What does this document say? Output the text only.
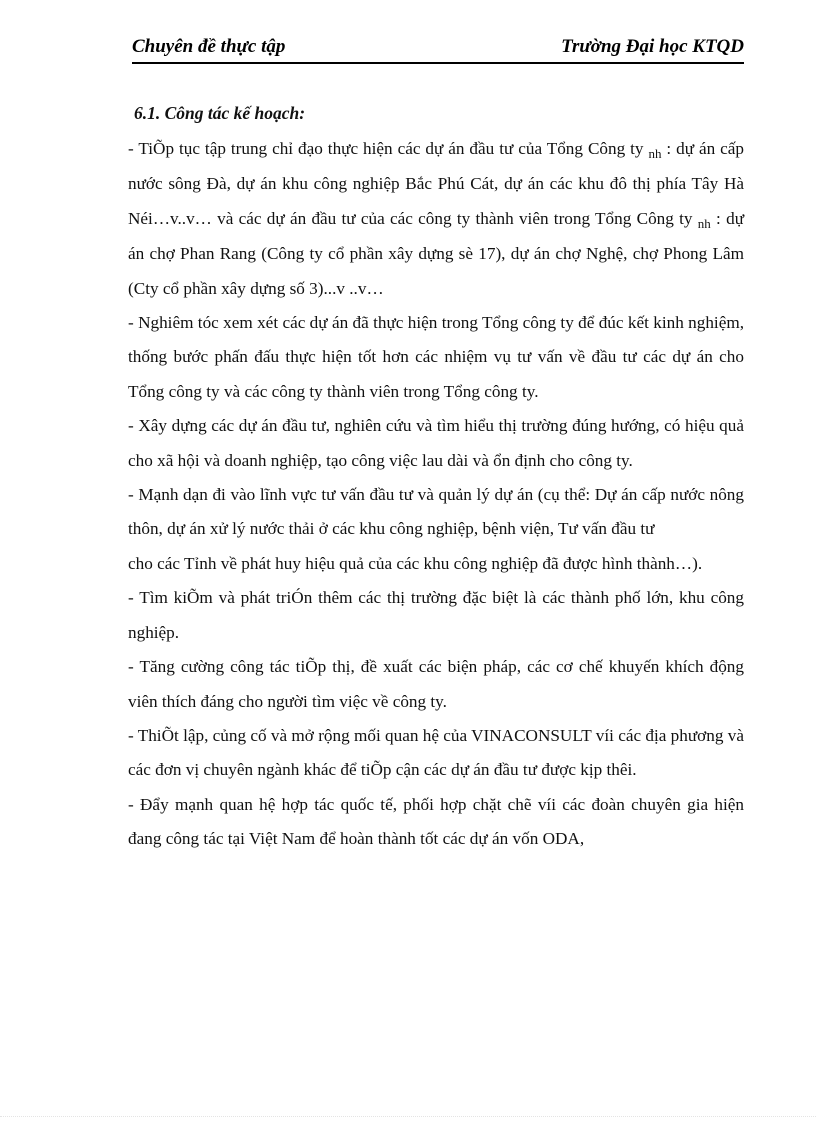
Chuyên đề thực tập	Trường Đại học KTQD

6.1. Công tác kế hoạch:

- TiÕp tục tập trung chỉ đạo thực hiện các dự án đầu tư của Tổng Công ty $_{nh}$ : dự án cấp nước sông Đà, dự án khu công nghiệp Bắc Phú Cát, dự án các khu đô thị phía Tây Hà Néi…v..v… và các dự án đầu tư của các công ty thành viên trong Tổng Công ty $_{nh}$ : dự án chợ Phan Rang (Công ty cổ phần xây dựng sè 17), dự án chợ Nghệ, chợ Phong Lâm (Cty cổ phần xây dựng số 3)...v ..v…

- Nghiêm tóc xem xét các dự án đã thực hiện trong Tổng công ty để đúc kết kinh nghiệm, thống bước phấn đấu thực hiện tốt hơn các nhiệm vụ tư vấn về đầu tư các dự án cho Tổng công ty và các công ty thành viên trong Tổng công ty.

- Xây dựng các dự án đầu tư, nghiên cứu và tìm hiểu thị trường đúng hướng, có hiệu quả cho xã hội và doanh nghiệp, tạo công việc lau dài và ổn định cho công ty.

- Mạnh dạn đi vào lĩnh vực tư vấn đầu tư và quản lý dự án (cụ thể: Dự án cấp nước nông thôn, dự án xử lý nước thải ở các khu công nghiệp, bệnh viện, Tư vấn đầu tư

cho các Tỉnh về phát huy hiệu quả của các khu công nghiệp đã được hình thành…).

- Tìm kiÕm và phát triÓn thêm các thị trường đặc biệt là các thành phố lớn, khu công nghiệp.

- Tăng cường công tác tiÕp thị, đề xuất các biện pháp, các cơ chế khuyến khích động viên thích đáng cho người tìm việc về công ty.

- ThiÕt lập, củng cố và mở rộng mối quan hệ của VINACONSULT víi các địa phương và các đơn vị chuyên ngành khác để tiÕp cận các dự án đầu tư được kịp thêi.

- Đẩy mạnh quan hệ hợp tác quốc tế, phối hợp chặt chẽ víi các đoàn chuyên gia hiện đang công tác tại Việt Nam để hoàn thành tốt các dự án vốn ODA,
